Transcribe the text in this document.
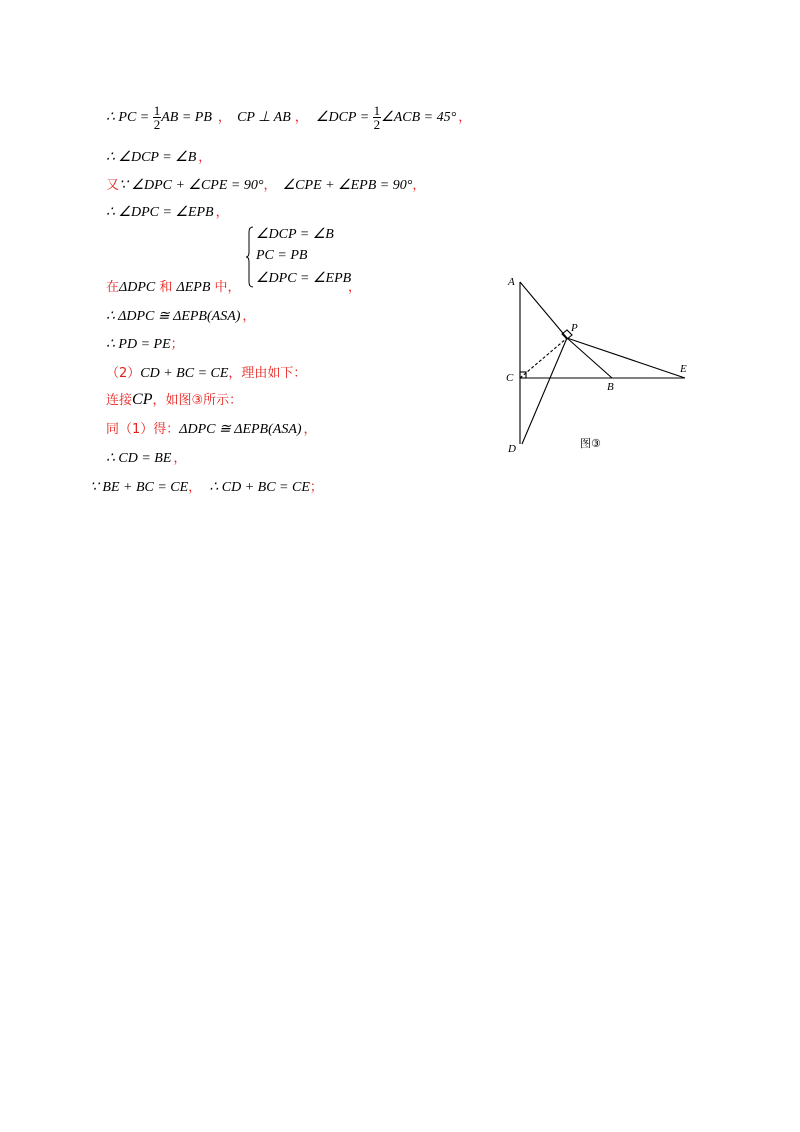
∴ PC = $\frac{1}{2}$ AB = PB ， CP ⊥ AB ， ∠DCP = $\frac{1}{2}$ ∠ACB = 45° ，
∴ ∠DCP = ∠B ，
又∵ ∠DPC + ∠CPE = 90°， ∠CPE + ∠EPB = 90°，
∴ ∠DPC = ∠EPB ，
∠DCP = ∠B
PC = PB
∠DPC = ∠EPB
在ΔDPC 和 ΔEPB 中，	，
∴ ΔDPC ≅ ΔEPB(ASA) ，
∴ PD = PE；
（2）CD + BC = CE，理由如下：
连接CP，如图③所示：
同（1）得：ΔDPC ≅ ΔEPB(ASA) ，
∴ CD = BE ，
∵ BE + BC = CE， ∴ CD + BC = CE；
A
P
E
C
B
D	图③
